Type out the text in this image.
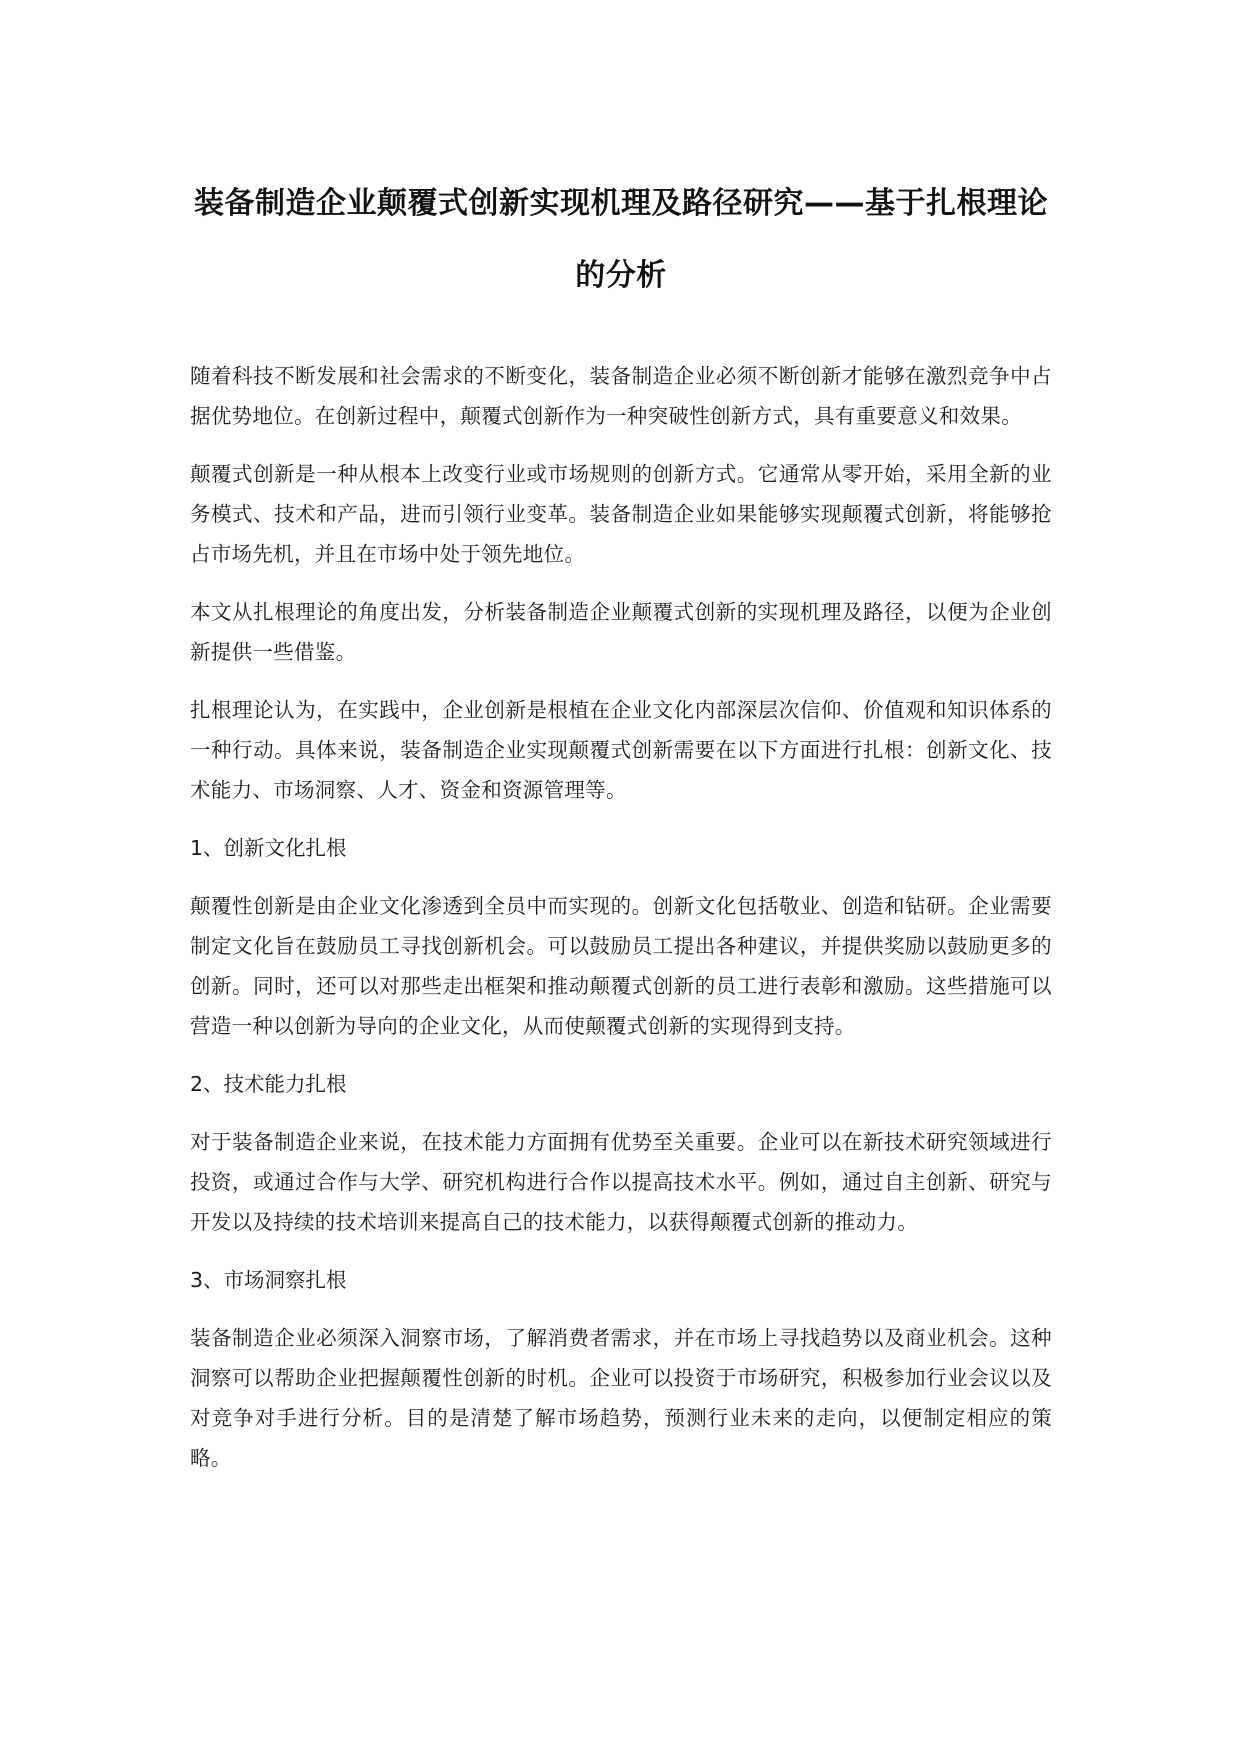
装备制造企业颠覆式创新实现机理及路径研究——基于扎根理论的分析

随着科技不断发展和社会需求的不断变化，装备制造企业必须不断创新才能够在激烈竞争中占据优势地位。在创新过程中，颠覆式创新作为一种突破性创新方式，具有重要意义和效果。

颠覆式创新是一种从根本上改变行业或市场规则的创新方式。它通常从零开始，采用全新的业务模式、技术和产品，进而引领行业变革。装备制造企业如果能够实现颠覆式创新，将能够抢占市场先机，并且在市场中处于领先地位。

本文从扎根理论的角度出发，分析装备制造企业颠覆式创新的实现机理及路径，以便为企业创新提供一些借鉴。

扎根理论认为，在实践中，企业创新是根植在企业文化内部深层次信仰、价值观和知识体系的一种行动。具体来说，装备制造企业实现颠覆式创新需要在以下方面进行扎根：创新文化、技术能力、市场洞察、人才、资金和资源管理等。

1、创新文化扎根

颠覆性创新是由企业文化渗透到全员中而实现的。创新文化包括敬业、创造和钻研。企业需要制定文化旨在鼓励员工寻找创新机会。可以鼓励员工提出各种建议，并提供奖励以鼓励更多的创新。同时，还可以对那些走出框架和推动颠覆式创新的员工进行表彰和激励。这些措施可以营造一种以创新为导向的企业文化，从而使颠覆式创新的实现得到支持。

2、技术能力扎根

对于装备制造企业来说，在技术能力方面拥有优势至关重要。企业可以在新技术研究领域进行投资，或通过合作与大学、研究机构进行合作以提高技术水平。例如，通过自主创新、研究与开发以及持续的技术培训来提高自己的技术能力，以获得颠覆式创新的推动力。

3、市场洞察扎根

装备制造企业必须深入洞察市场，了解消费者需求，并在市场上寻找趋势以及商业机会。这种洞察可以帮助企业把握颠覆性创新的时机。企业可以投资于市场研究，积极参加行业会议以及对竞争对手进行分析。目的是清楚了解市场趋势，预测行业未来的走向，以便制定相应的策略。
